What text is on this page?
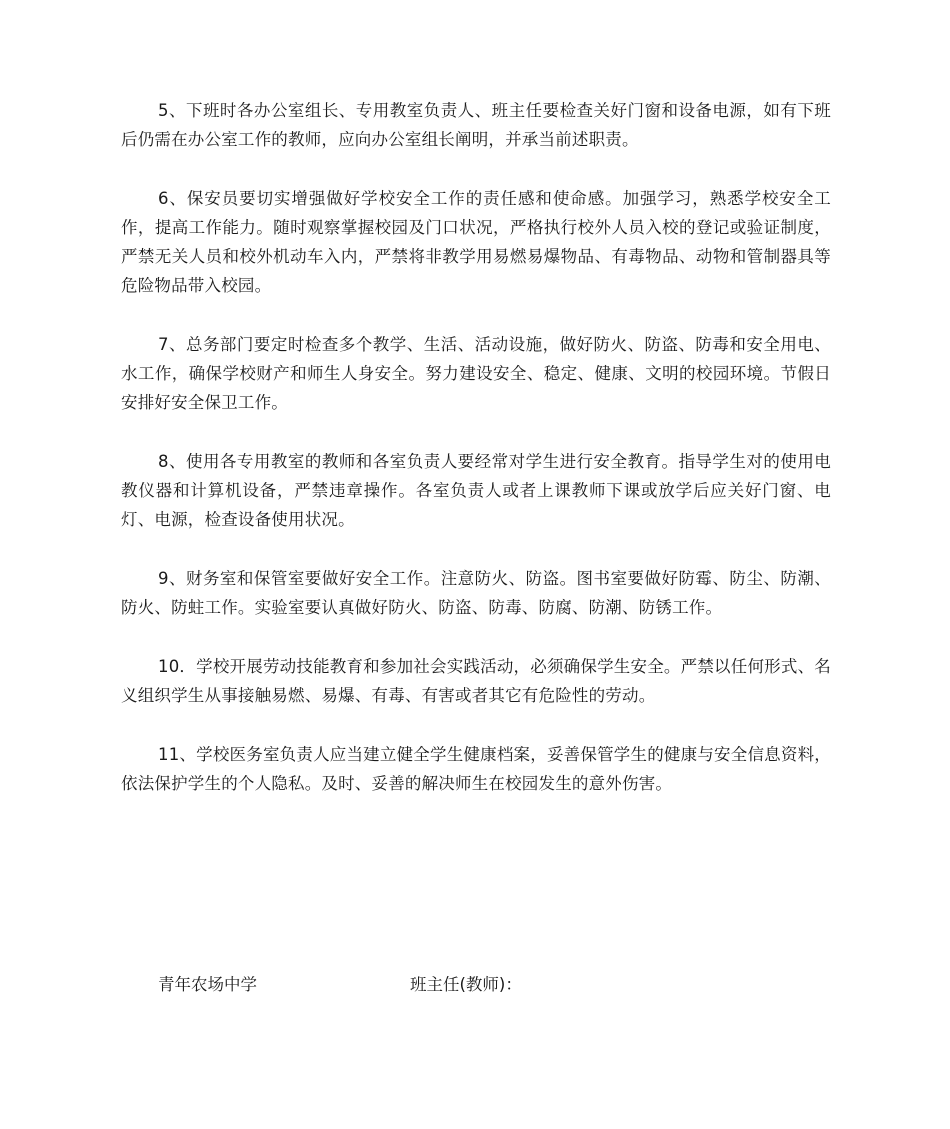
5、下班时各办公室组长、专用教室负责人、班主任要检查关好门窗和设备电源，如有下班后仍需在办公室工作的教师，应向办公室组长阐明，并承当前述职责。

6、保安员要切实增强做好学校安全工作的责任感和使命感。加强学习，熟悉学校安全工作，提高工作能力。随时观察掌握校园及门口状况，严格执行校外人员入校的登记或验证制度，严禁无关人员和校外机动车入内，严禁将非教学用易燃易爆物品、有毒物品、动物和管制器具等危险物品带入校园。

7、总务部门要定时检查多个教学、生活、活动设施，做好防火、防盗、防毒和安全用电、水工作，确保学校财产和师生人身安全。努力建设安全、稳定、健康、文明的校园环境。节假日安排好安全保卫工作。

8、使用各专用教室的教师和各室负责人要经常对学生进行安全教育。指导学生对的使用电教仪器和计算机设备，严禁违章操作。各室负责人或者上课教师下课或放学后应关好门窗、电灯、电源，检查设备使用状况。

9、财务室和保管室要做好安全工作。注意防火、防盗。图书室要做好防霉、防尘、防潮、防火、防蛀工作。实验室要认真做好防火、防盗、防毒、防腐、防潮、防锈工作。

10．学校开展劳动技能教育和参加社会实践活动，必须确保学生安全。严禁以任何形式、名义组织学生从事接触易燃、易爆、有毒、有害或者其它有危险性的劳动。

11、学校医务室负责人应当建立健全学生健康档案，妥善保管学生的健康与安全信息资料，依法保护学生的个人隐私。及时、妥善的解决师生在校园发生的意外伤害。

青年农场中学	班主任(教师)：
